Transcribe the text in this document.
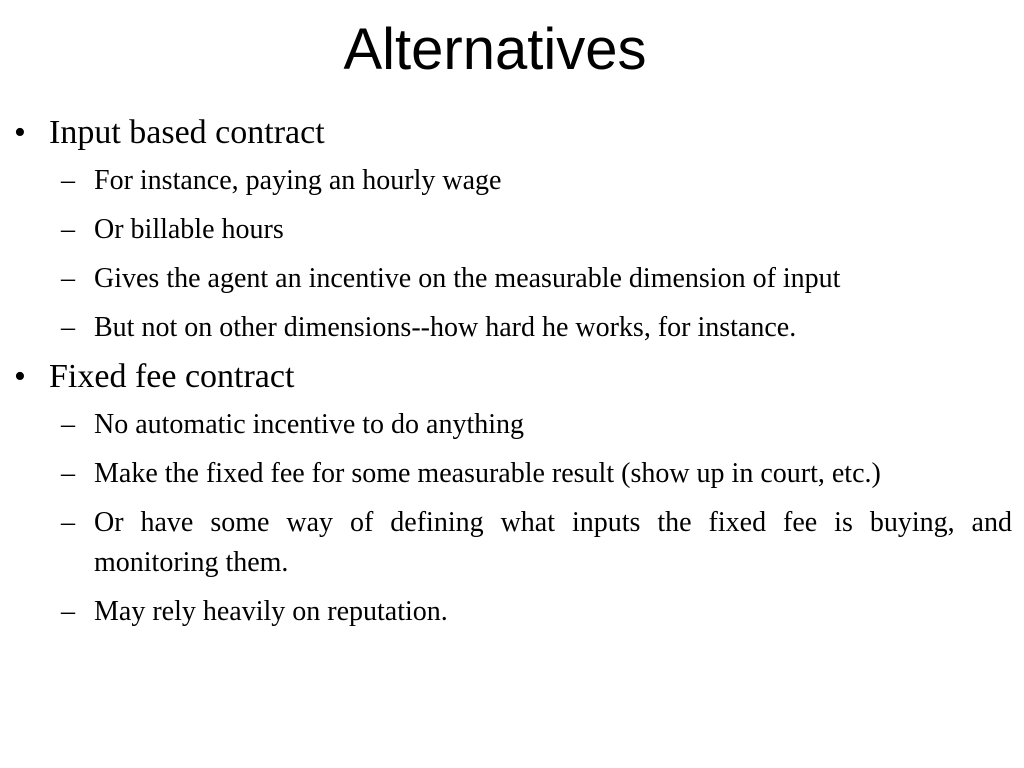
Alternatives
• Input based contract
– For instance, paying an hourly wage
– Or billable hours
– Gives the agent an incentive on the measurable dimension of input
– But not on other dimensions--how hard he works, for instance.
• Fixed fee contract
– No automatic incentive to do anything
– Make the fixed fee for some measurable result (show up in court, etc.)
– Or have some way of defining what inputs the fixed fee is buying, and monitoring them.
– May rely heavily on reputation.
